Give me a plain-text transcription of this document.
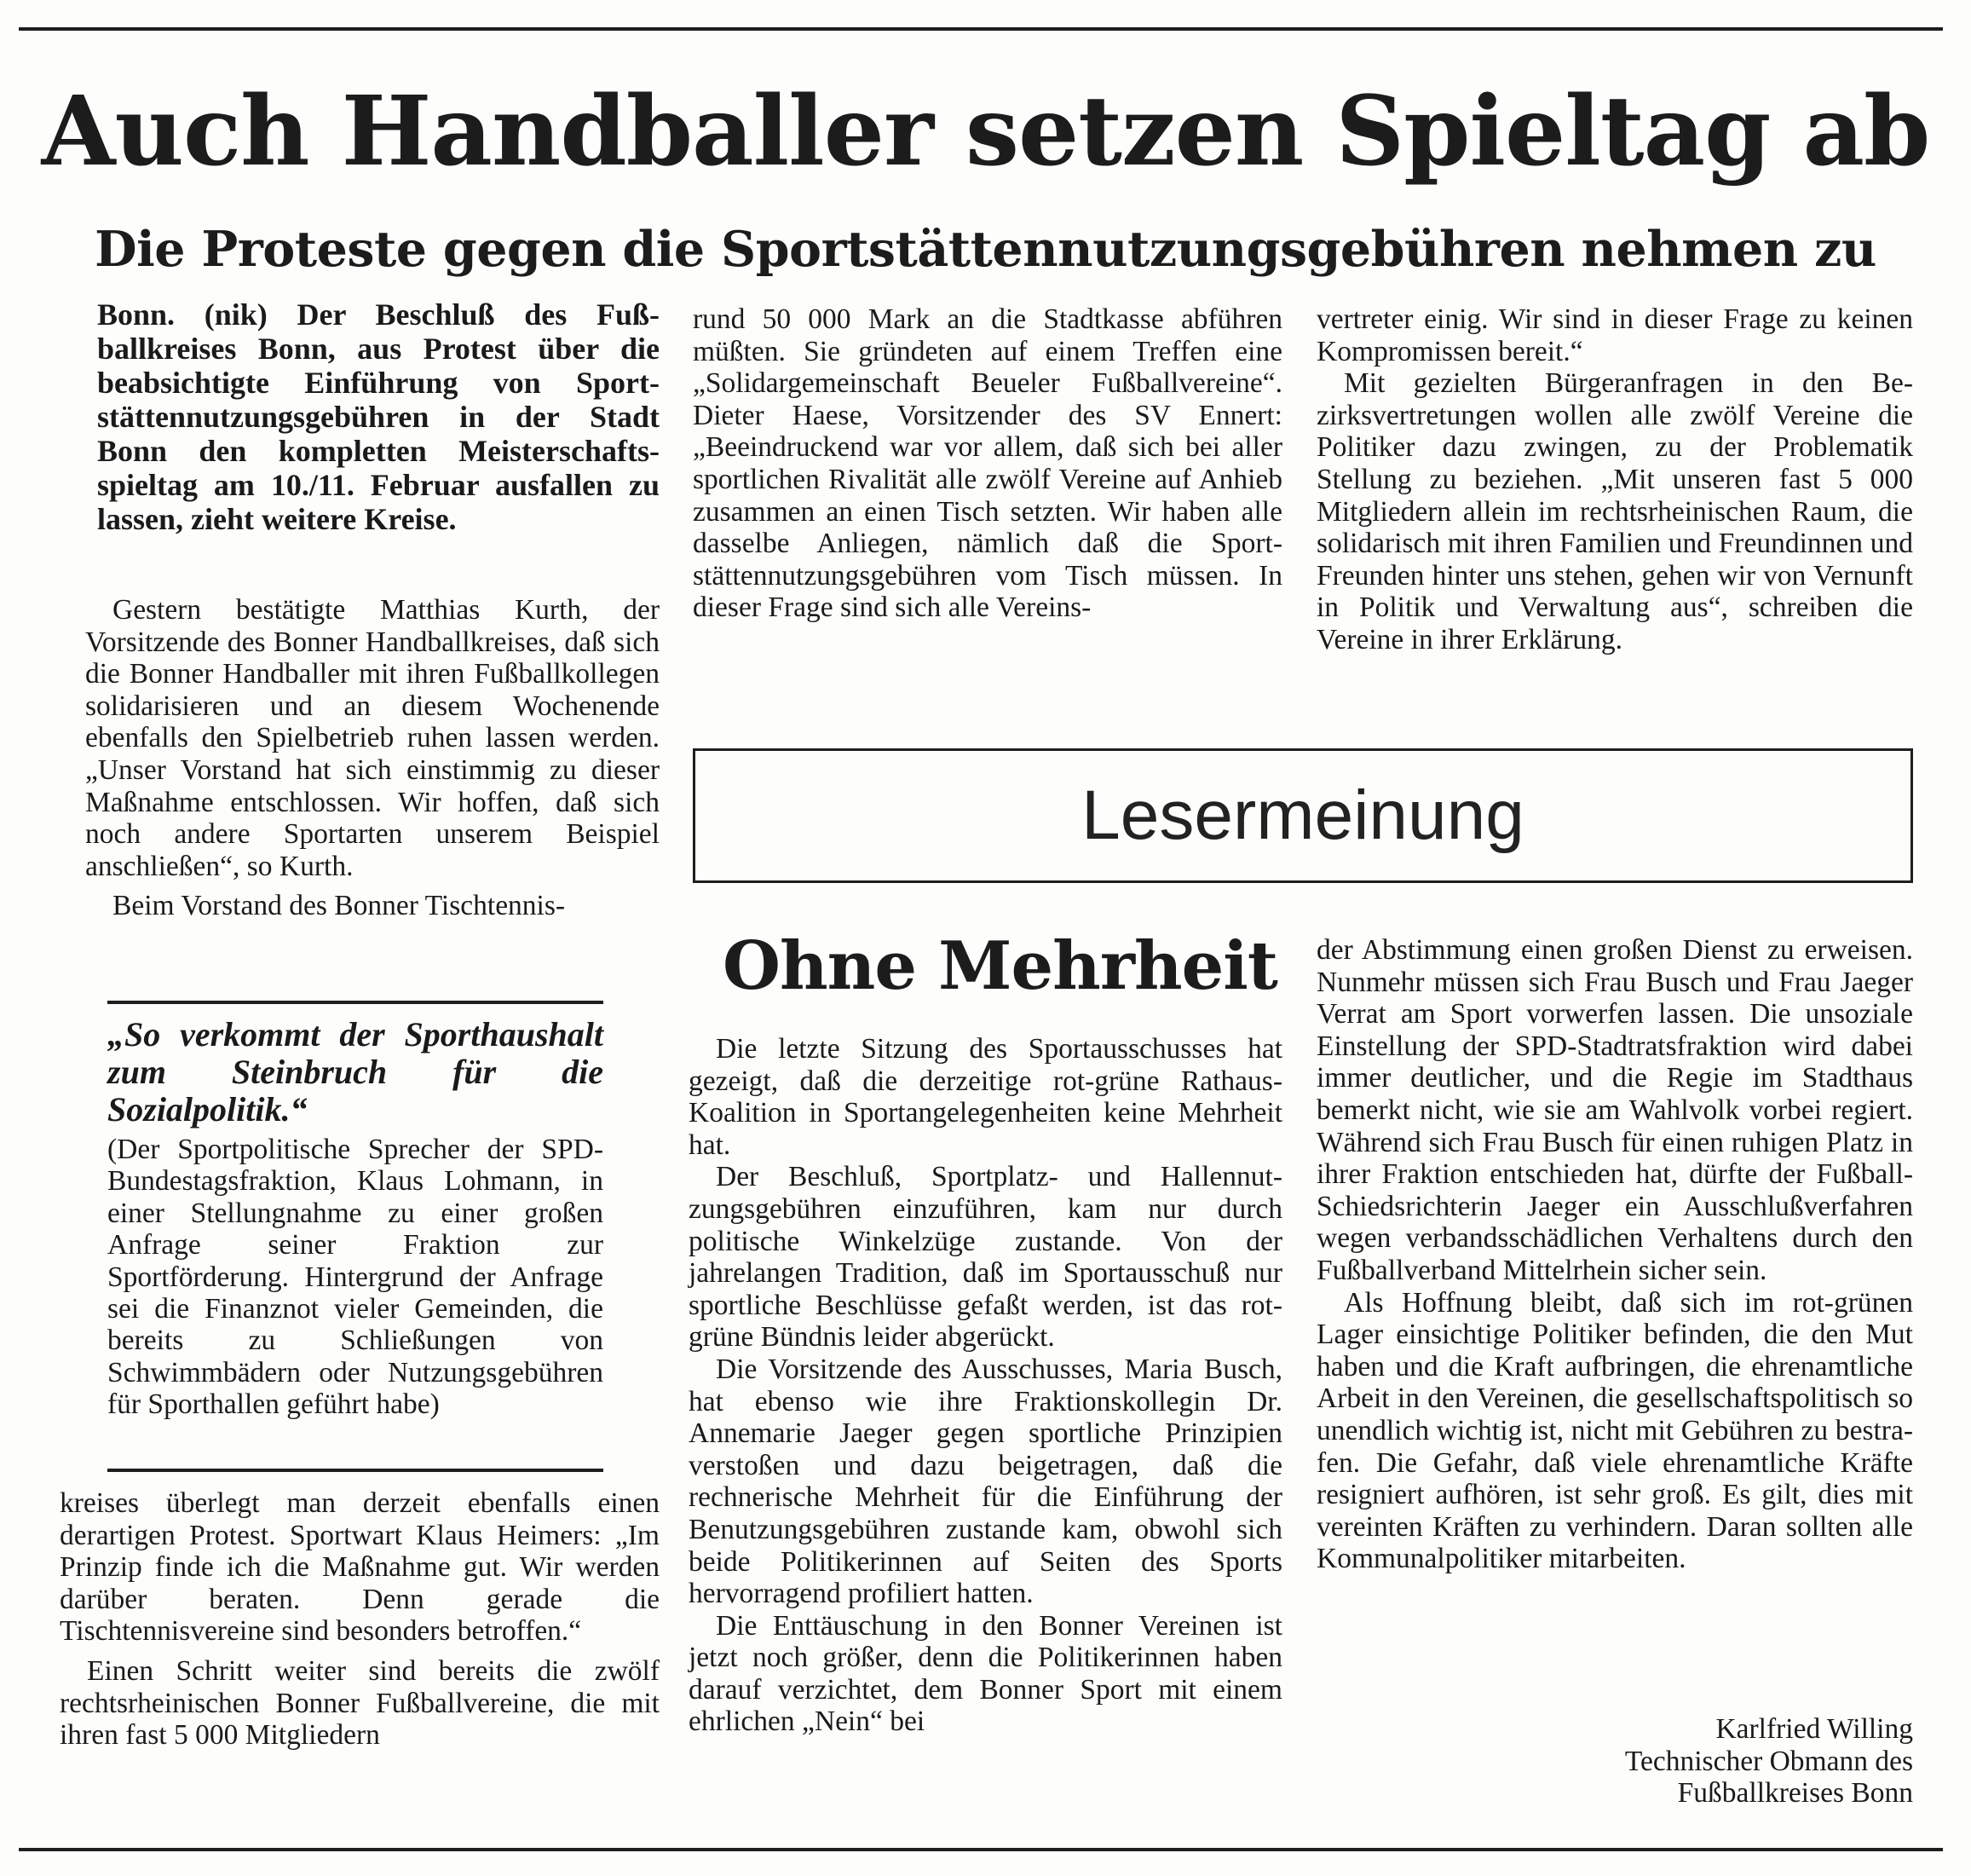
Auch Handballer setzen Spieltag ab
Die Proteste gegen die Sportstättennutzungsgebühren nehmen zu
Bonn. (nik) Der Beschluß des Fußballkreises Bonn, aus Protest über die beabsichtigte Einführung von Sportstättennutzungsgebühren in der Stadt Bonn den kompletten Meisterschaftsspieltag am 10./11. Februar ausfallen zu lassen, zieht weitere Kreise.

Gestern bestätigte Matthias Kurth, der Vorsitzende des Bonner Handballkreises, daß sich die Bonner Handballer mit ihren Fußballkollegen solidarisieren und an diesem Wochenende ebenfalls den Spielbetrieb ruhen lassen werden. „Unser Vorstand hat sich einstimmig zu dieser Maßnahme entschlossen. Wir hoffen, daß sich noch andere Sportarten unserem Beispiel anschließen“, so Kurth.

Beim Vorstand des Bonner Tischtennis-

„So verkommt der Sporthaushalt zum Steinbruch für die Sozialpolitik.“
(Der Sportpolitische Sprecher der SPD-Bundestagsfraktion, Klaus Lohmann, in einer Stellungnahme zu einer großen Anfrage seiner Fraktion zur Sportförderung. Hintergrund der Anfrage sei die Finanznot vieler Gemeinden, die bereits zu Schließungen von Schwimmbädern oder Nutzungsgebühren für Sporthallen geführt habe)

kreises überlegt man derzeit ebenfalls einen derartigen Protest. Sportwart Klaus Heimers: „Im Prinzip finde ich die Maßnahme gut. Wir werden darüber beraten. Denn gerade die Tischtennisvereine sind besonders betroffen.“

Einen Schritt weiter sind bereits die zwölf rechtsrheinischen Bonner Fußballvereine, die mit ihren fast 5 000 Mitgliedern

rund 50 000 Mark an die Stadtkasse abführen müßten. Sie gründeten auf einem Treffen eine „Solidargemeinschaft Beueler Fußballvereine“. Dieter Haese, Vorsitzender des SV Ennert: „Beeindruckend war vor allem, daß sich bei aller sportlichen Rivalität alle zwölf Vereine auf Anhieb zusammen an einen Tisch setzten. Wir haben alle dasselbe Anliegen, nämlich daß die Sportstättennutzungsgebühren vom Tisch müssen. In dieser Frage sind sich alle Vereins-

vertreter einig. Wir sind in dieser Frage zu keinen Kompromissen bereit.“

Mit gezielten Bürgeranfragen in den Bezirksvertretungen wollen alle zwölf Vereine die Politiker dazu zwingen, zu der Problematik Stellung zu beziehen. „Mit unseren fast 5 000 Mitgliedern allein im rechtsrheinischen Raum, die solidarisch mit ihren Familien und Freundinnen und Freunden hinter uns stehen, gehen wir von Vernunft in Politik und Verwaltung aus“, schreiben die Vereine in ihrer Erklärung.

Lesermeinung
Ohne Mehrheit

Die letzte Sitzung des Sportausschusses hat gezeigt, daß die derzeitige rot-grüne Rathaus-Koalition in Sportangelegenheiten keine Mehrheit hat.

Der Beschluß, Sportplatz- und Hallennutzungsgebühren einzuführen, kam nur durch politische Winkelzüge zustande. Von der jahrelangen Tradition, daß im Sportausschuß nur sportliche Beschlüsse gefaßt werden, ist das rot-grüne Bündnis leider abgerückt.

Die Vorsitzende des Ausschusses, Maria Busch, hat ebenso wie ihre Fraktionskollegin Dr. Annemarie Jaeger gegen sportliche Prinzipien verstoßen und dazu beigetragen, daß die rechnerische Mehrheit für die Einführung der Benutzungsgebühren zustande kam, obwohl sich beide Politikerinnen auf Seiten des Sports hervorragend profiliert hatten.

Die Enttäuschung in den Bonner Vereinen ist jetzt noch größer, denn die Politikerinnen haben darauf verzichtet, dem Bonner Sport mit einem ehrlichen „Nein“ bei

der Abstimmung einen großen Dienst zu erweisen. Nunmehr müssen sich Frau Busch und Frau Jaeger Verrat am Sport vorwerfen lassen. Die unsoziale Einstellung der SPD-Stadtratsfraktion wird dabei immer deutlicher, und die Regie im Stadthaus bemerkt nicht, wie sie am Wahlvolk vorbei regiert. Während sich Frau Busch für einen ruhigen Platz in ihrer Fraktion entschieden hat, dürfte der Fußball-Schiedsrichterin Jaeger ein Ausschlußverfahren wegen verbandsschädlichen Verhaltens durch den Fußballverband Mittelrhein sicher sein.

Als Hoffnung bleibt, daß sich im rot-grünen Lager einsichtige Politiker befinden, die den Mut haben und die Kraft aufbringen, die ehrenamtliche Arbeit in den Vereinen, die gesellschaftspolitisch so unendlich wichtig ist, nicht mit Gebühren zu bestrafen. Die Gefahr, daß viele ehrenamtliche Kräfte resigniert aufhören, ist sehr groß. Es gilt, dies mit vereinten Kräften zu verhindern. Daran sollten alle Kommunalpolitiker mitarbeiten.

Karlfried Willing
Technischer Obmann des
Fußballkreises Bonn
